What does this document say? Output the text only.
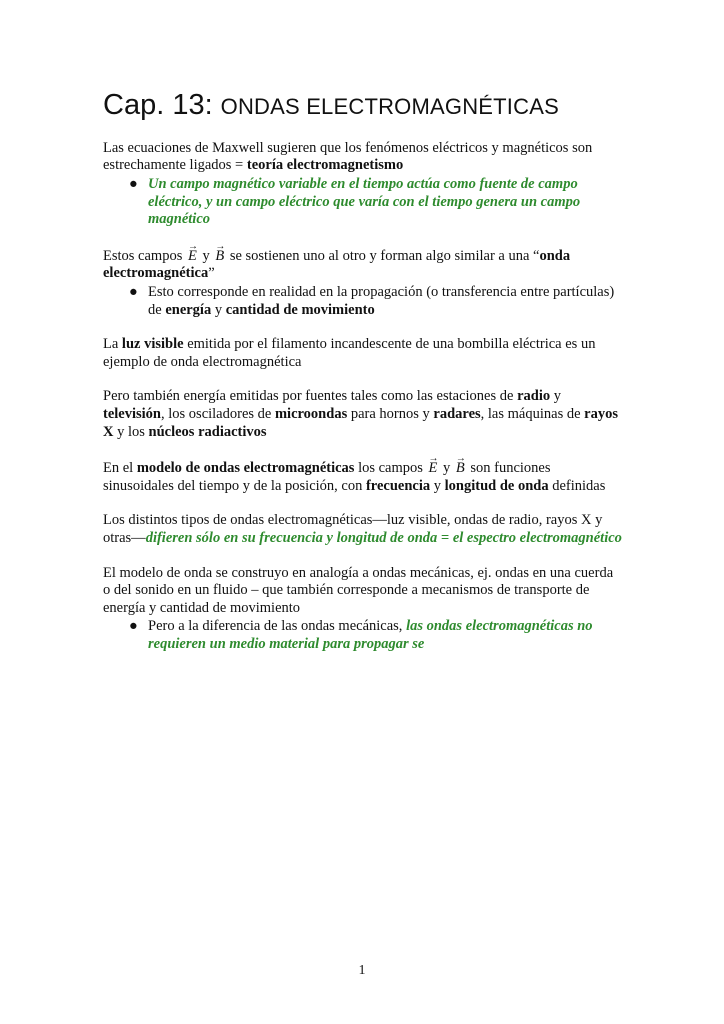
Cap. 13: ONDAS ELECTROMAGNÉTICAS

Las ecuaciones de Maxwell sugieren que los fenómenos eléctricos y magnéticos son estrechamente ligados = teoría electromagnetismo

● Un campo magnético variable en el tiempo actúa como fuente de campo eléctrico, y un campo eléctrico que varía con el tiempo genera un campo magnético

Estos campos → E y → B se sostienen uno al otro y forman algo similar a una “onda electromagnética”

● Esto corresponde en realidad en la propagación (o transferencia entre partículas) de energía y cantidad de movimiento

La luz visible emitida por el filamento incandescente de una bombilla eléctrica es un ejemplo de onda electromagnética

Pero también energía emitidas por fuentes tales como las estaciones de radio y televisión, los osciladores de microondas para hornos y radares, las máquinas de rayos X y los núcleos radiactivos

En el modelo de ondas electromagnéticas los campos → E y → B son funciones sinusoidales del tiempo y de la posición, con frecuencia y longitud de onda definidas

Los distintos tipos de ondas electromagnéticas—luz visible, ondas de radio, rayos X y otras—difieren sólo en su frecuencia y longitud de onda = el espectro electromagnético

El modelo de onda se construyo en analogía a ondas mecánicas, ej. ondas en una cuerda o del sonido en un fluido – que también corresponde a mecanismos de transporte de energía y cantidad de movimiento

● Pero a la diferencia de las ondas mecánicas, las ondas electromagnéticas no requieren un medio material para propagar se
1
